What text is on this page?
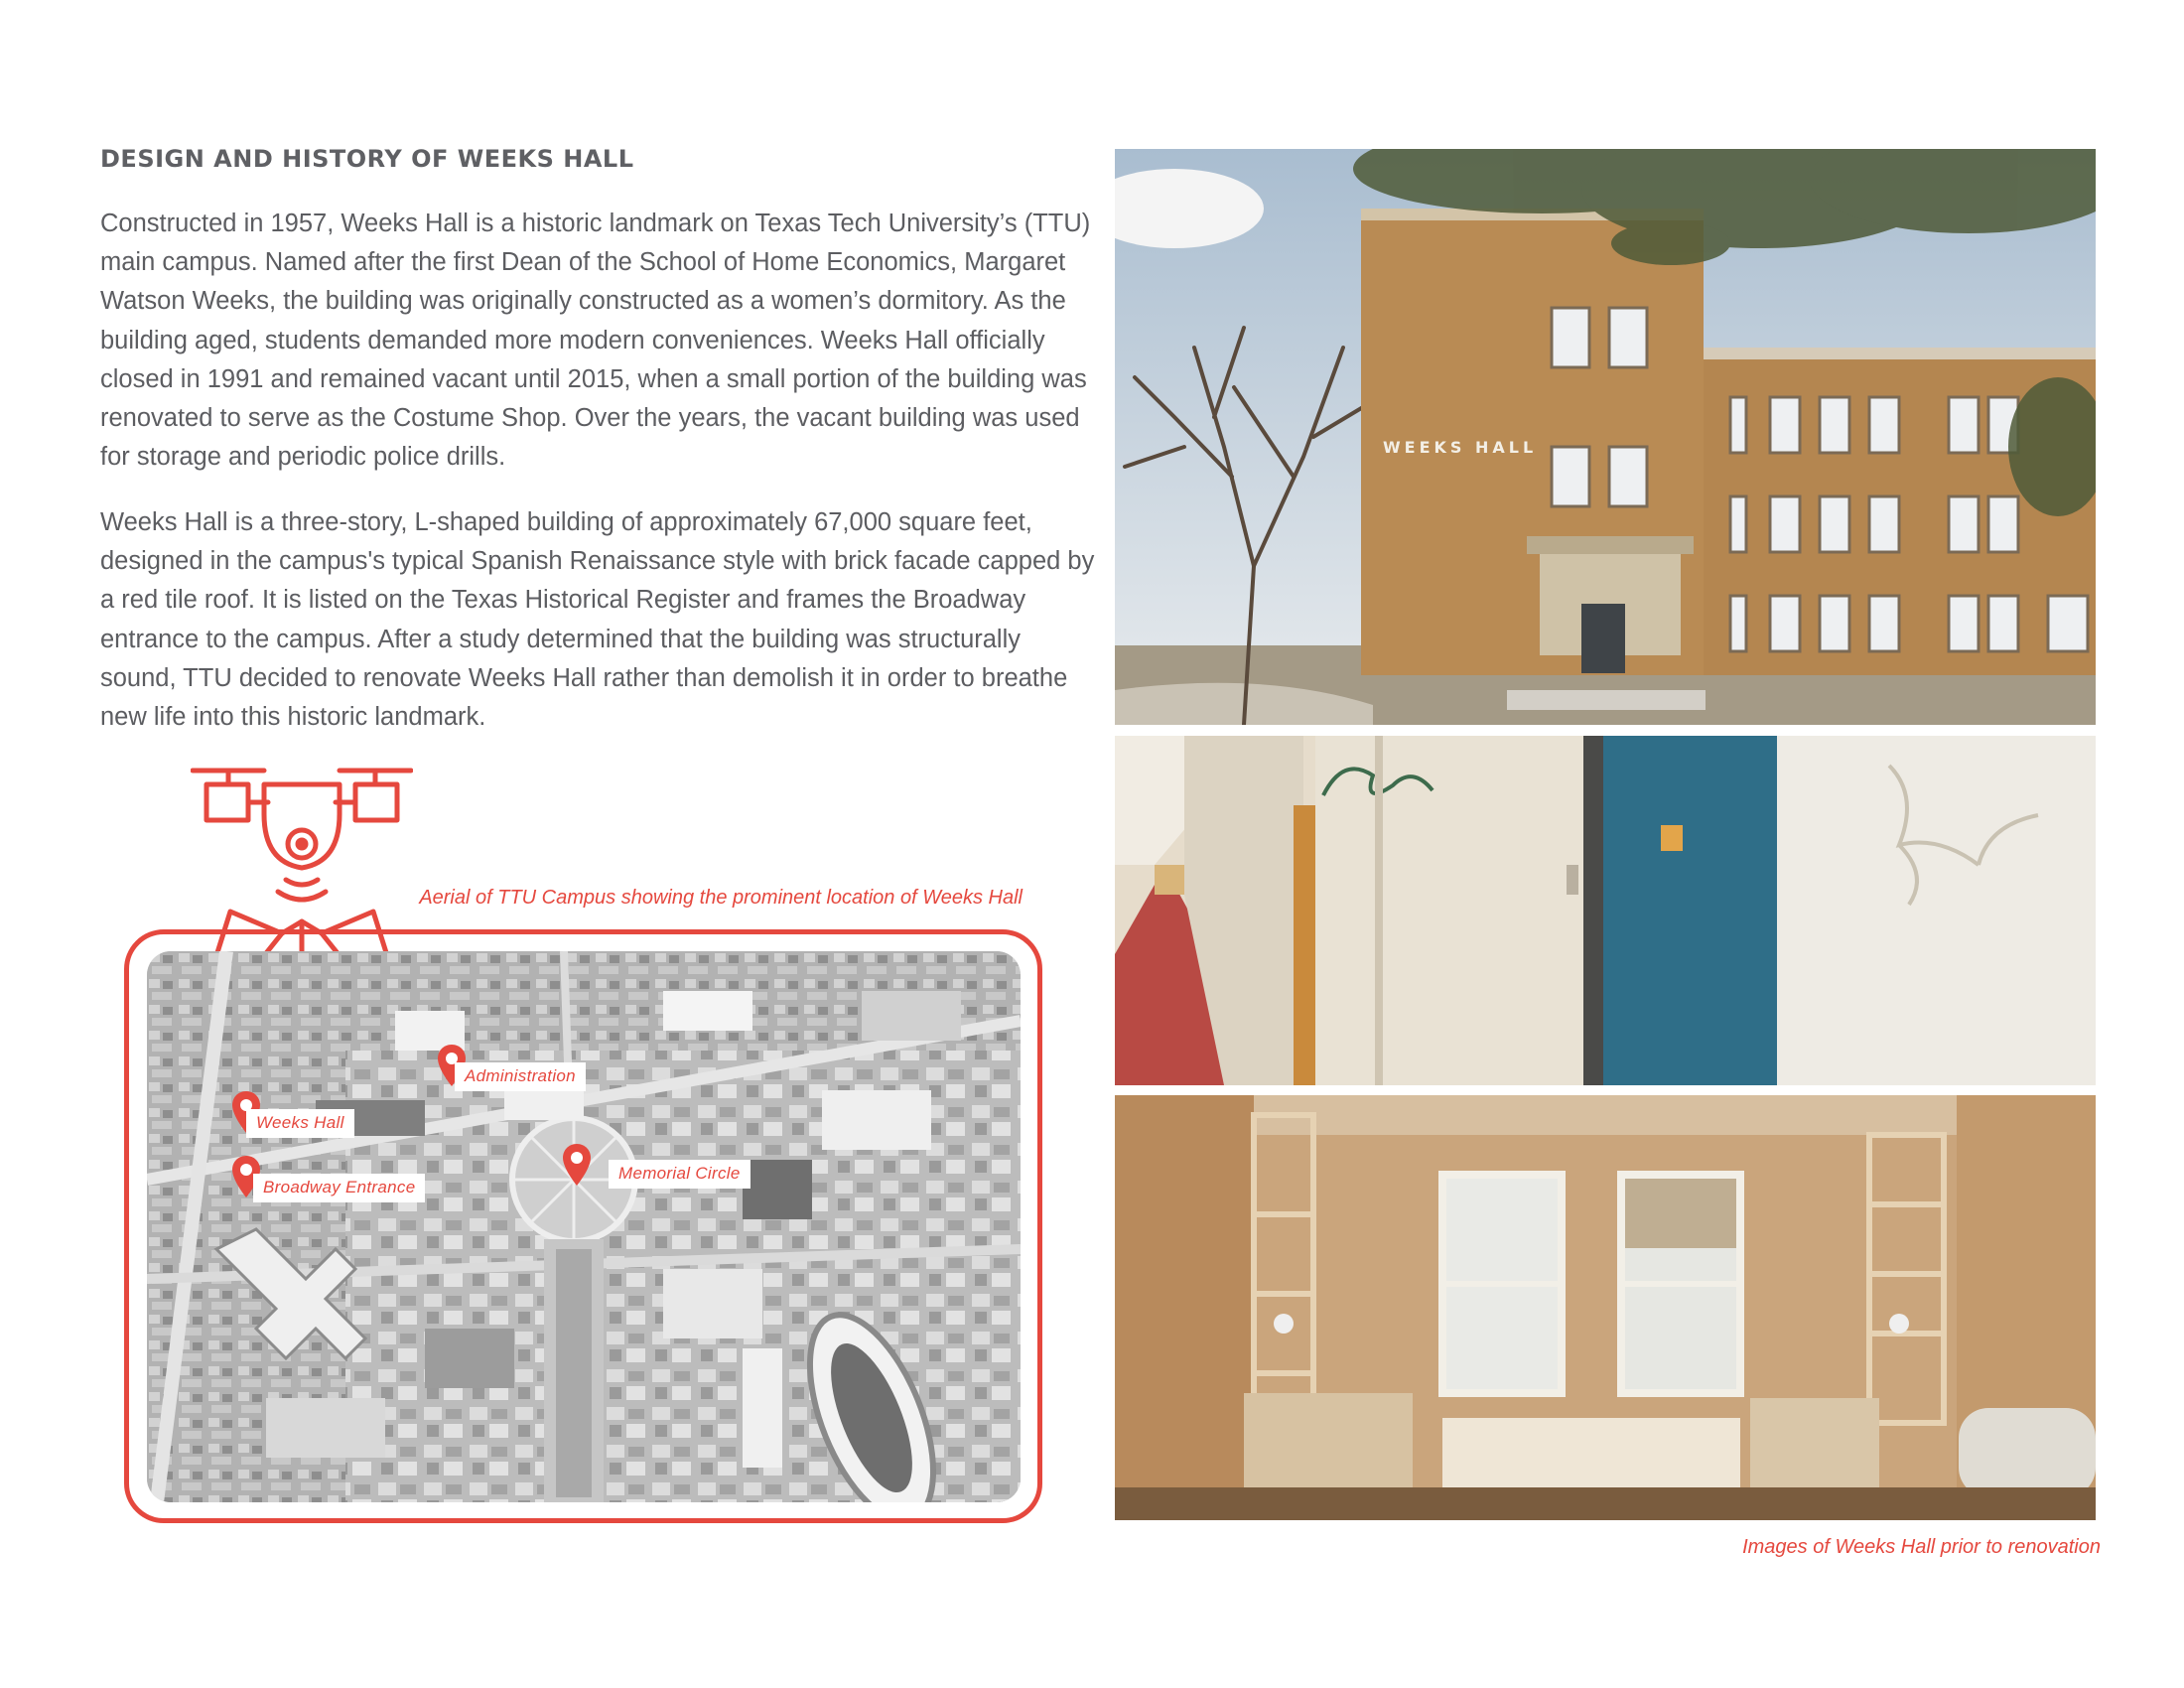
DESIGN AND HISTORY OF WEEKS HALL

Constructed in 1957, Weeks Hall is a historic landmark on Texas Tech University’s (TTU) main campus. Named after the first Dean of the School of Home Economics, Margaret Watson Weeks, the building was originally constructed as a women’s dormitory. As the building aged, students demanded more modern conveniences. Weeks Hall officially closed in 1991 and remained vacant until 2015, when a small portion of the building was renovated to serve as the Costume Shop. Over the years, the vacant building was used for storage and periodic police drills.

Weeks Hall is a three-story, L-shaped building of approximately 67,000 square feet, designed in the campus's typical Spanish Renaissance style with brick facade capped by a red tile roof. It is listed on the Texas Historical Register and frames the Broadway entrance to the campus. After a study determined that the building was structurally sound, TTU decided to renovate Weeks Hall rather than demolish it in order to breathe new life into this historic landmark.

Aerial of TTU Campus showing the prominent location of Weeks Hall
Administration
Weeks Hall
Broadway Entrance
Memorial Circle
WEEKS HALL
Images of Weeks Hall prior to renovation
